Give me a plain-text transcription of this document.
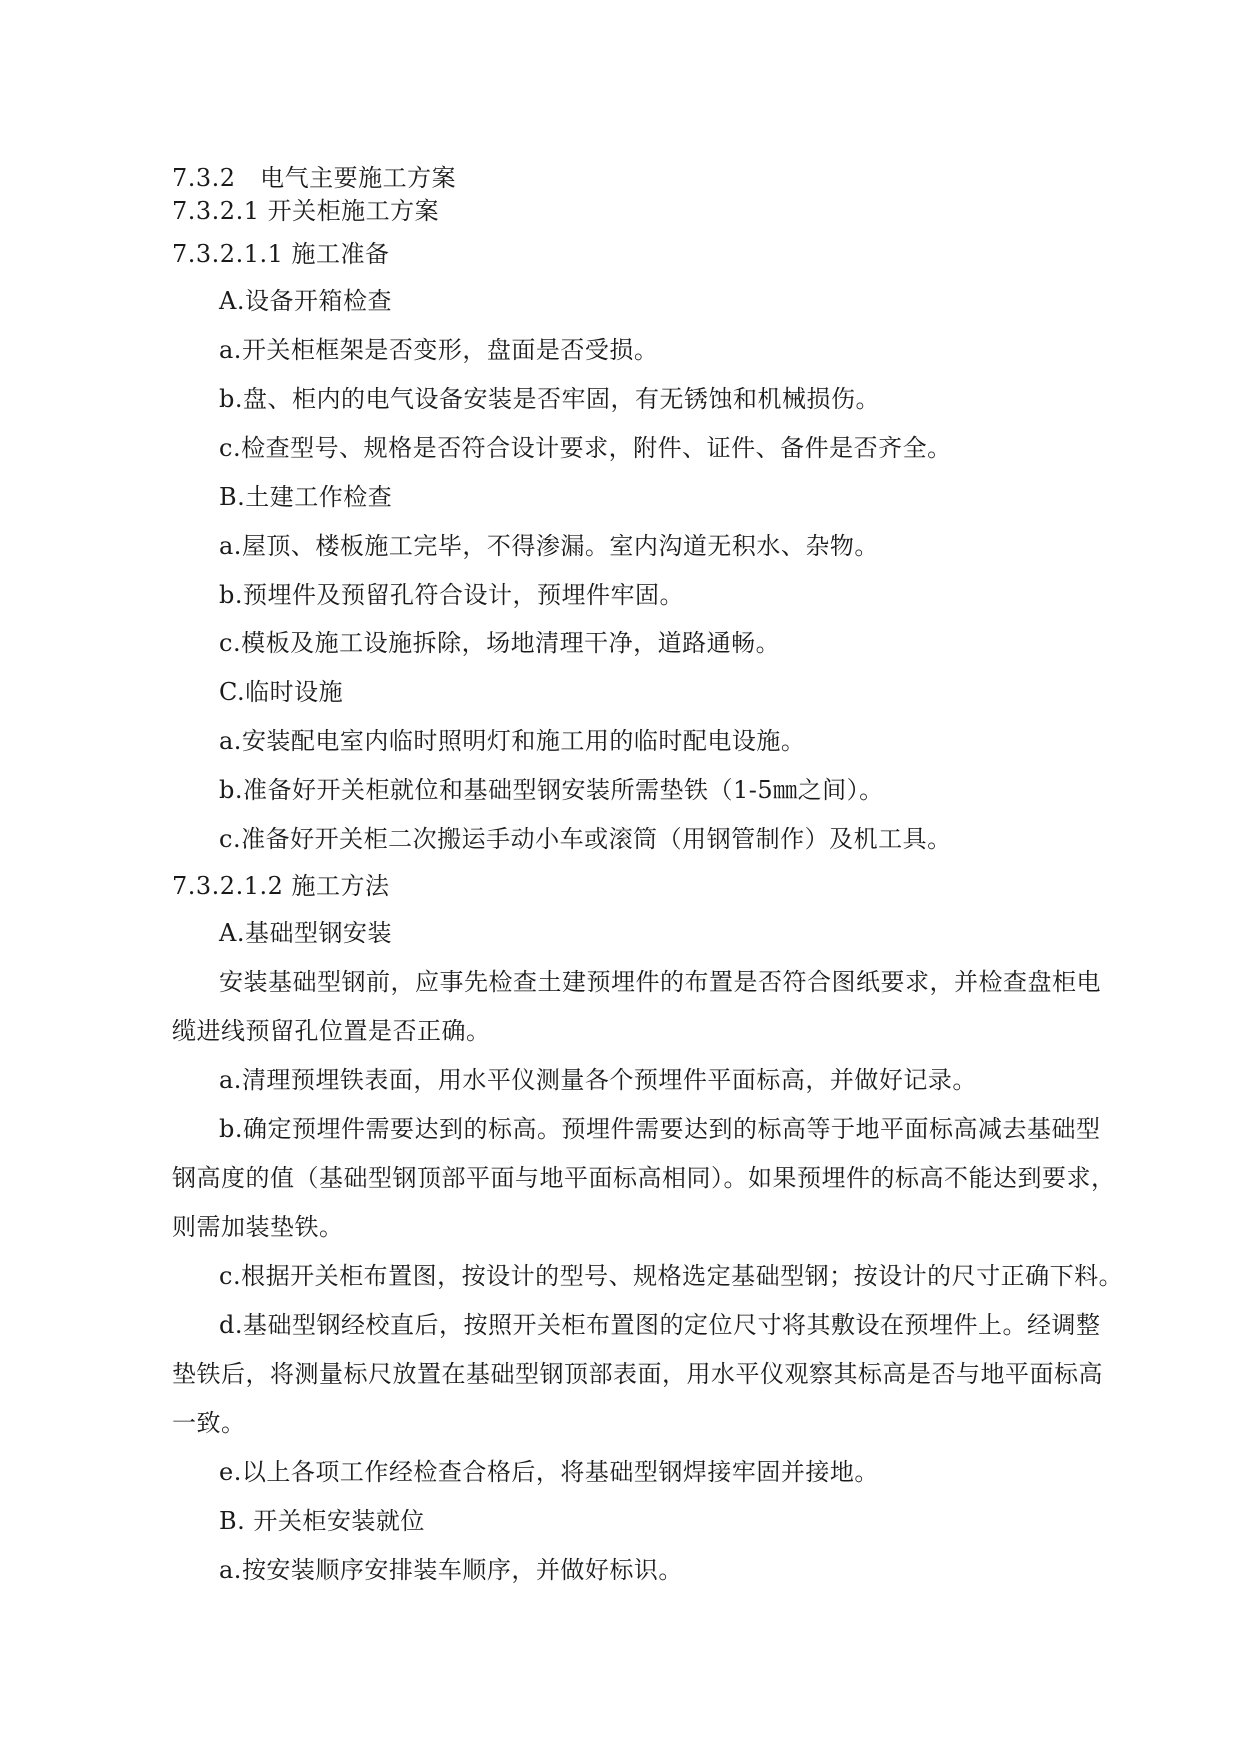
7.3.2　电气主要施工方案
7.3.2.1 开关柜施工方案
7.3.2.1.1 施工准备
A.设备开箱检查
a.开关柜框架是否变形，盘面是否受损。
b.盘、柜内的电气设备安装是否牢固，有无锈蚀和机械损伤。
c.检查型号、规格是否符合设计要求，附件、证件、备件是否齐全。
B.土建工作检查
a.屋顶、楼板施工完毕，不得渗漏。室内沟道无积水、杂物。
b.预埋件及预留孔符合设计，预埋件牢固。
c.模板及施工设施拆除，场地清理干净，道路通畅。
C.临时设施
a.安装配电室内临时照明灯和施工用的临时配电设施。
b.准备好开关柜就位和基础型钢安装所需垫铁（1-5㎜之间）。
c.准备好开关柜二次搬运手动小车或滚筒（用钢管制作）及机工具。
7.3.2.1.2 施工方法
A.基础型钢安装
安装基础型钢前，应事先检查土建预埋件的布置是否符合图纸要求，并检查盘柜电
缆进线预留孔位置是否正确。
a.清理预埋铁表面，用水平仪测量各个预埋件平面标高，并做好记录。
b.确定预埋件需要达到的标高。预埋件需要达到的标高等于地平面标高减去基础型
钢高度的值（基础型钢顶部平面与地平面标高相同）。如果预埋件的标高不能达到要求，
则需加装垫铁。
c.根据开关柜布置图，按设计的型号、规格选定基础型钢；按设计的尺寸正确下料。
d.基础型钢经校直后，按照开关柜布置图的定位尺寸将其敷设在预埋件上。经调整
垫铁后，将测量标尺放置在基础型钢顶部表面，用水平仪观察其标高是否与地平面标高
一致。
e.以上各项工作经检查合格后，将基础型钢焊接牢固并接地。
B. 开关柜安装就位
a.按安装顺序安排装车顺序，并做好标识。
